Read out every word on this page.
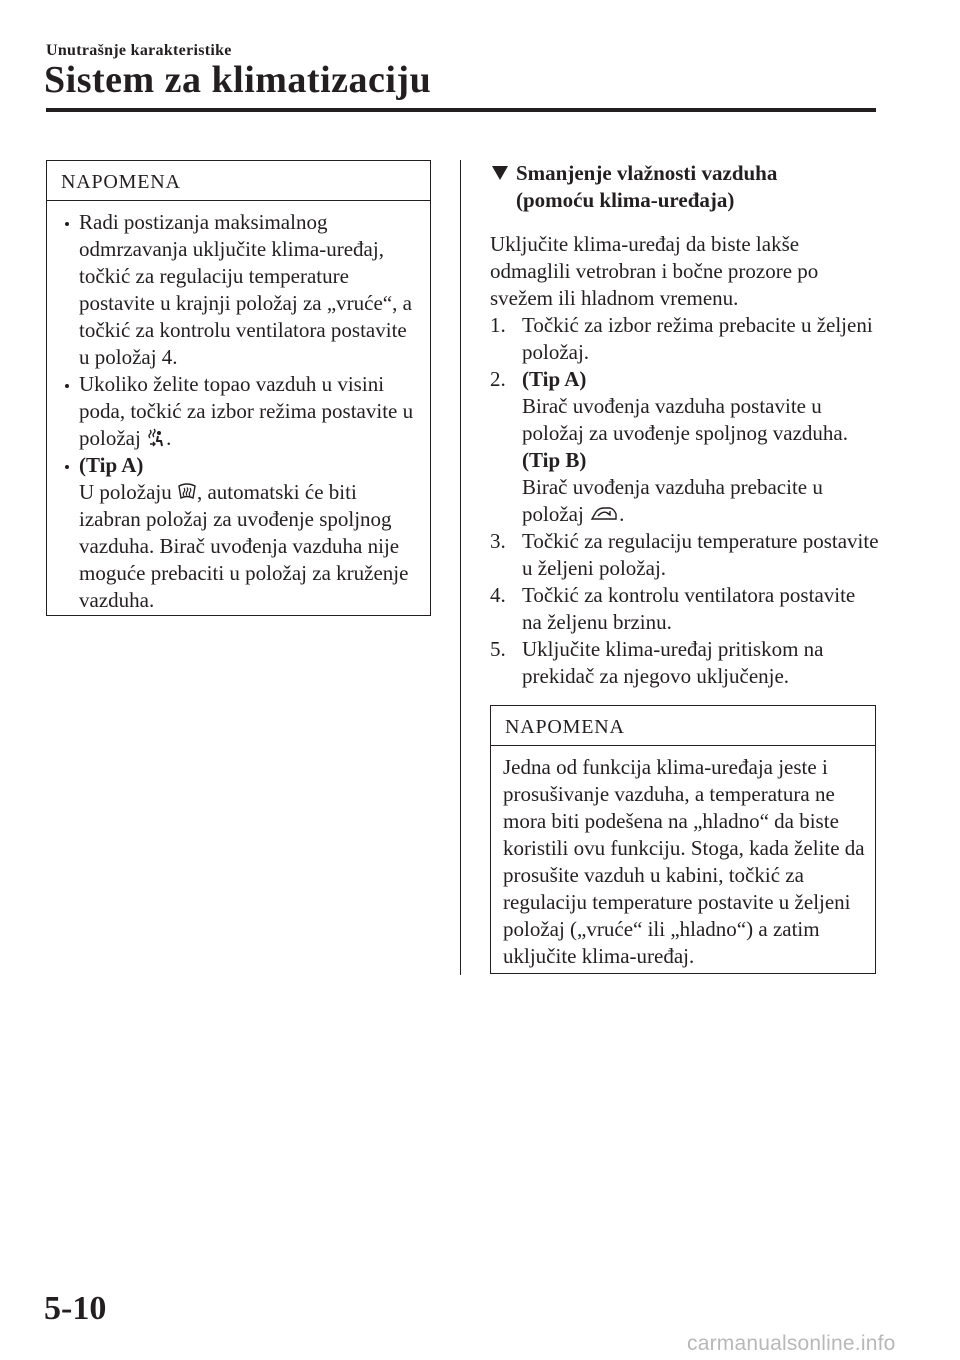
Unutrašnje karakteristike
Sistem za klimatizaciju
NAPOMENA
Radi postizanja maksimalnog odmrzavanja uključite klima-uređaj, točkić za regulaciju temperature postavite u krajnji položaj za „vruće“, a točkić za kontrolu ventilatora postavite u položaj 4.
Ukoliko želite topao vazduh u visini poda, točkić za izbor režima postavite u položaj .
(Tip A)
U položaju , automatski će biti izabran položaj za uvođenje spoljnog vazduha. Birač uvođenja vazduha nije moguće prebaciti u položaj za kruženje vazduha.
Smanjenje vlažnosti vazduha
(pomoću klima-uređaja)
Uključite klima-uređaj da biste lakše odmaglili vetrobran i bočne prozore po svežem ili hladnom vremenu.
1. Točkić za izbor režima prebacite u željeni položaj.
2. (Tip A)
Birač uvođenja vazduha postavite u položaj za uvođenje spoljnog vazduha.
(Tip B)
Birač uvođenja vazduha prebacite u položaj .
3. Točkić za regulaciju temperature postavite u željeni položaj.
4. Točkić za kontrolu ventilatora postavite na željenu brzinu.
5. Uključite klima-uređaj pritiskom na prekidač za njegovo uključenje.
NAPOMENA
Jedna od funkcija klima-uređaja jeste i prosušivanje vazduha, a temperatura ne mora biti podešena na „hladno“ da biste koristili ovu funkciju. Stoga, kada želite da prosušite vazduh u kabini, točkić za regulaciju temperature postavite u željeni položaj („vruće“ ili „hladno“) a zatim uključite klima-uređaj.
5-10
carmanualsonline.info
